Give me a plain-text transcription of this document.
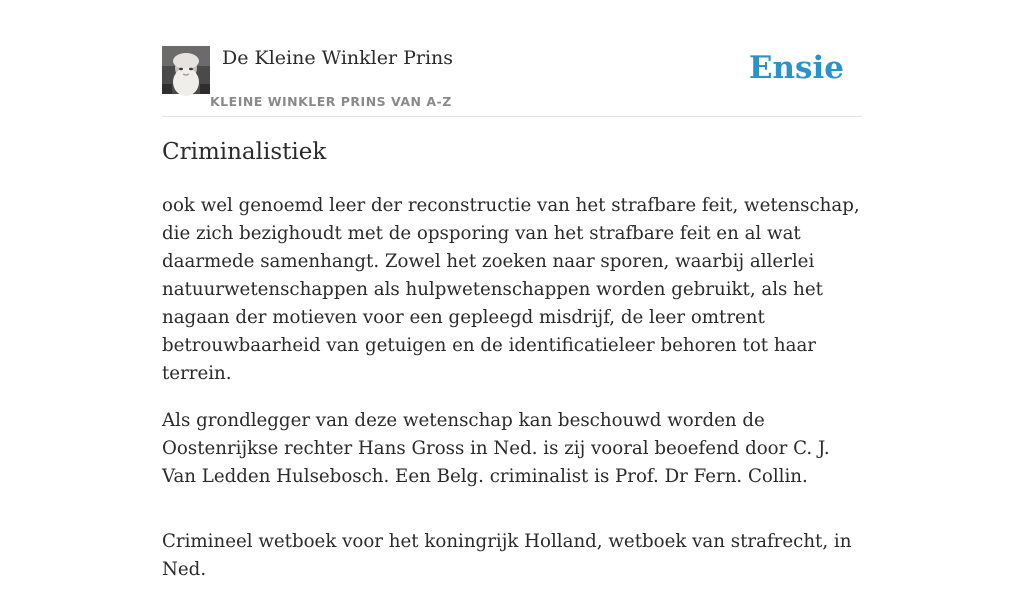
De Kleine Winkler Prins
KLEINE WINKLER PRINS VAN A-Z
Ensie
Criminalistiek

ook wel genoemd leer der reconstructie van het strafbare feit, wetenschap, die zich bezighoudt met de opsporing van het strafbare feit en al wat daarmede samenhangt. Zowel het zoeken naar sporen, waarbij allerlei natuurwetenschappen als hulpwetenschappen worden gebruikt, als het nagaan der motieven voor een gepleegd misdrijf, de leer omtrent betrouwbaarheid van getuigen en de identificatieleer behoren tot haar terrein.

Als grondlegger van deze wetenschap kan beschouwd worden de Oostenrijkse rechter Hans Gross in Ned. is zij vooral beoefend door C. J. Van Ledden Hulsebosch. Een Belg. criminalist is Prof. Dr Fern. Collin.

Crimineel wetboek voor het koningrijk Holland, wetboek van strafrecht, in Ned.
